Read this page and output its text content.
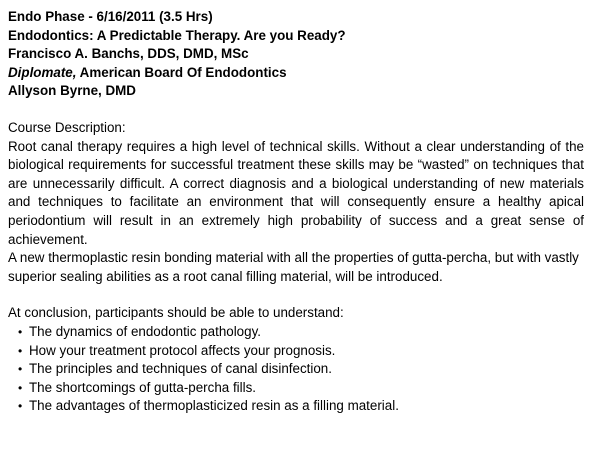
Endo Phase - 6/16/2011 (3.5 Hrs)
Endodontics: A Predictable Therapy. Are you Ready?
Francisco A. Banchs, DDS, DMD, MSc
Diplomate, American Board Of Endodontics
Allyson Byrne, DMD
Course Description:
Root canal therapy requires a high level of technical skills. Without a clear understanding of the biological requirements for successful treatment these skills may be “wasted” on techniques that are unnecessarily difficult. A correct diagnosis and a biological understanding of new materials and techniques to facilitate an environment that will consequently ensure a healthy apical periodontium will result in an extremely high probability of success and a great sense of achievement.
A new thermoplastic resin bonding material with all the properties of gutta-percha, but with vastly superior sealing abilities as a root canal filling material, will be introduced.
At conclusion, participants should be able to understand:
• The dynamics of endodontic pathology.
• How your treatment protocol affects your prognosis.
• The principles and techniques of canal disinfection.
• The shortcomings of gutta-percha fills.
• The advantages of thermoplasticized resin as a filling material.
